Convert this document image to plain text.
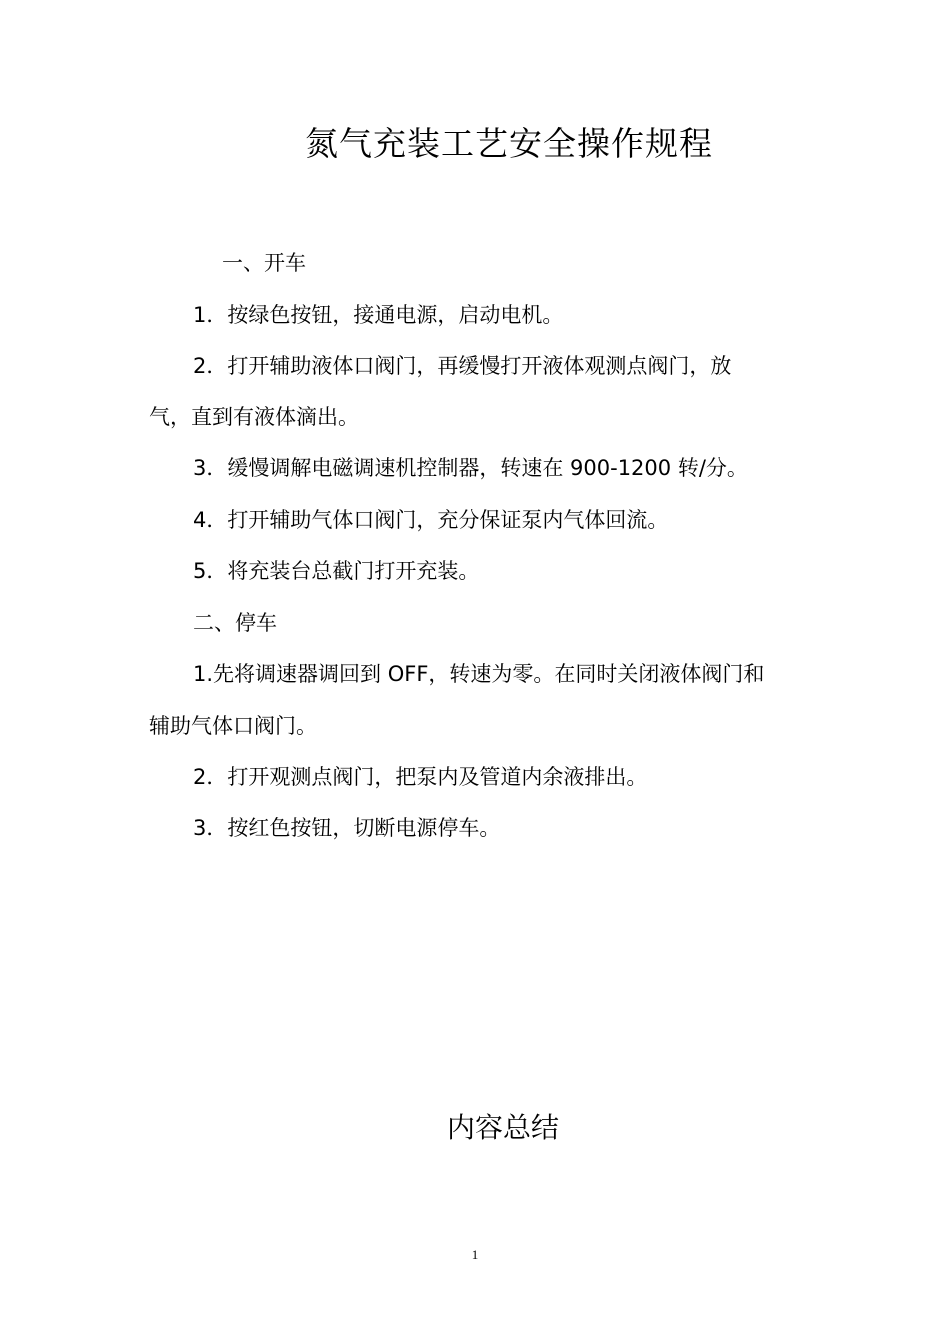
氮气充装工艺安全操作规程
一、开车
1．按绿色按钮，接通电源，启动电机。
2．打开辅助液体口阀门，再缓慢打开液体观测点阀门，放
气，直到有液体滴出。
3．缓慢调解电磁调速机控制器，转速在 900-1200 转/分。
4．打开辅助气体口阀门，充分保证泵内气体回流。
5．将充装台总截门打开充装。
二、停车
1.先将调速器调回到 OFF，转速为零。在同时关闭液体阀门和
辅助气体口阀门。
2．打开观测点阀门，把泵内及管道内余液排出。
3．按红色按钮，切断电源停车。
内容总结
1
